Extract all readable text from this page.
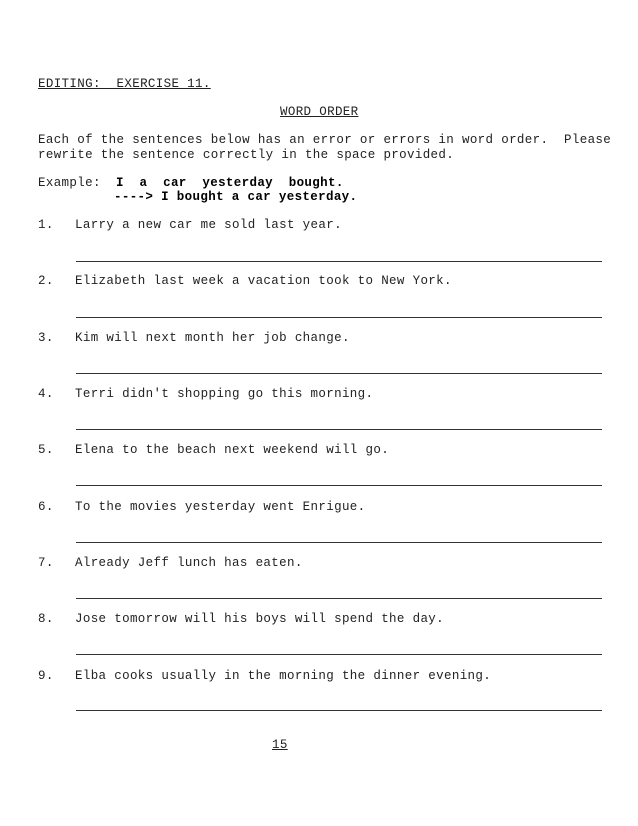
EDITING:  EXERCISE 11.
WORD ORDER
Each of the sentences below has an error or errors in word order.  Please
rewrite the sentence correctly in the space provided.
Example: I  a  car  yesterday  bought.
----> I bought a car yesterday.
1. Larry a new car me sold last year.
2. Elizabeth last week a vacation took to New York.
3. Kim will next month her job change.
4. Terri didn't shopping go this morning.
5. Elena to the beach next weekend will go.
6. To the movies yesterday went Enrigue.
7. Already Jeff lunch has eaten.
8. Jose tomorrow will his boys will spend the day.
9. Elba cooks usually in the morning the dinner evening.
15
